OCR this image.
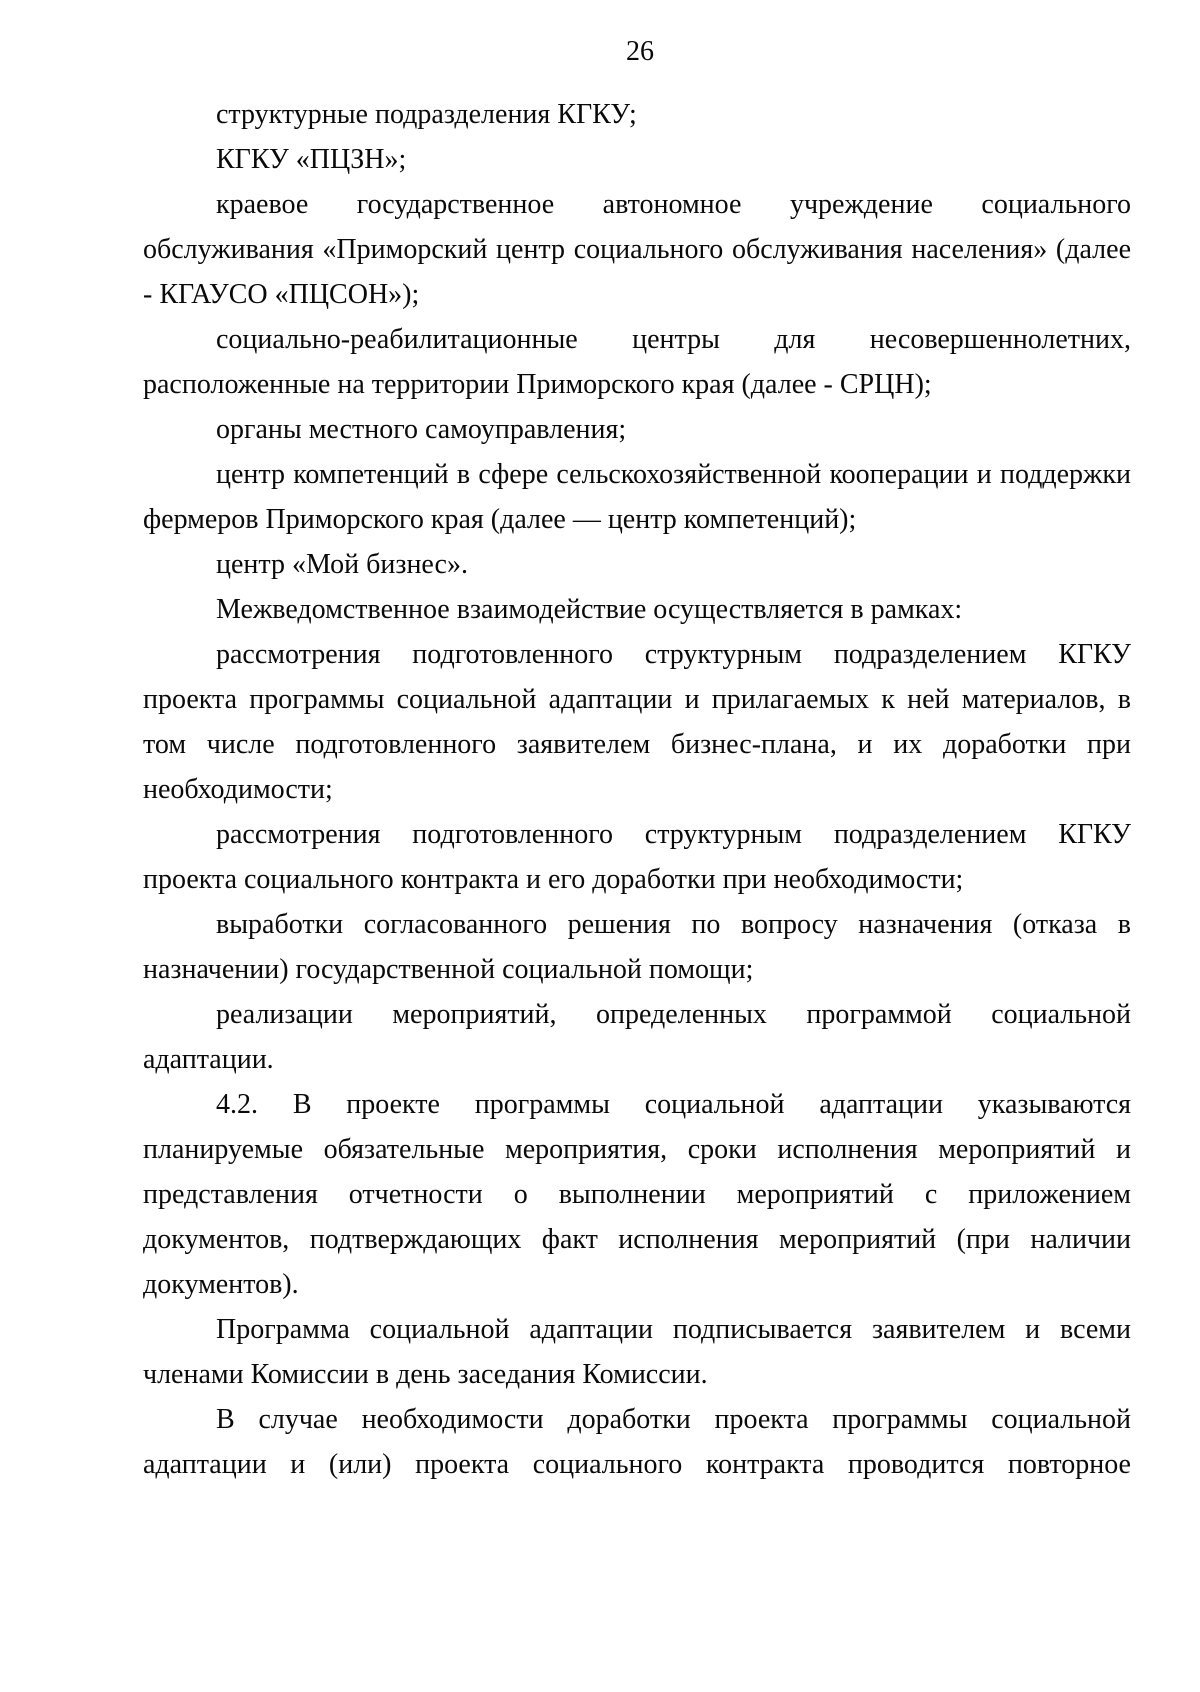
26

структурные подразделения КГКУ;

КГКУ «ПЦЗН»;

краевое государственное автономное учреждение социального обслуживания «Приморский центр социального обслуживания населения» (далее - КГАУСО «ПЦСОН»);

социально-реабилитационные центры для несовершеннолетних, расположенные на территории Приморского края (далее - СРЦН);

органы местного самоуправления;

центр компетенций в сфере сельскохозяйственной кооперации и поддержки фермеров Приморского края (далее — центр компетенций);

центр «Мой бизнес».

Межведомственное взаимодействие осуществляется в рамках:

рассмотрения подготовленного структурным подразделением КГКУ проекта программы социальной адаптации и прилагаемых к ней материалов, в том числе подготовленного заявителем бизнес-плана, и их доработки при необходимости;

рассмотрения подготовленного структурным подразделением КГКУ проекта социального контракта и его доработки при необходимости;

выработки согласованного решения по вопросу назначения (отказа в назначении) государственной социальной помощи;

реализации мероприятий, определенных программой социальной адаптации.

4.2. В проекте программы социальной адаптации указываются планируемые обязательные мероприятия, сроки исполнения мероприятий и представления отчетности о выполнении мероприятий с приложением документов, подтверждающих факт исполнения мероприятий (при наличии документов).

Программа социальной адаптации подписывается заявителем и всеми членами Комиссии в день заседания Комиссии.

В случае необходимости доработки проекта программы социальной адаптации и (или) проекта социального контракта проводится повторное
